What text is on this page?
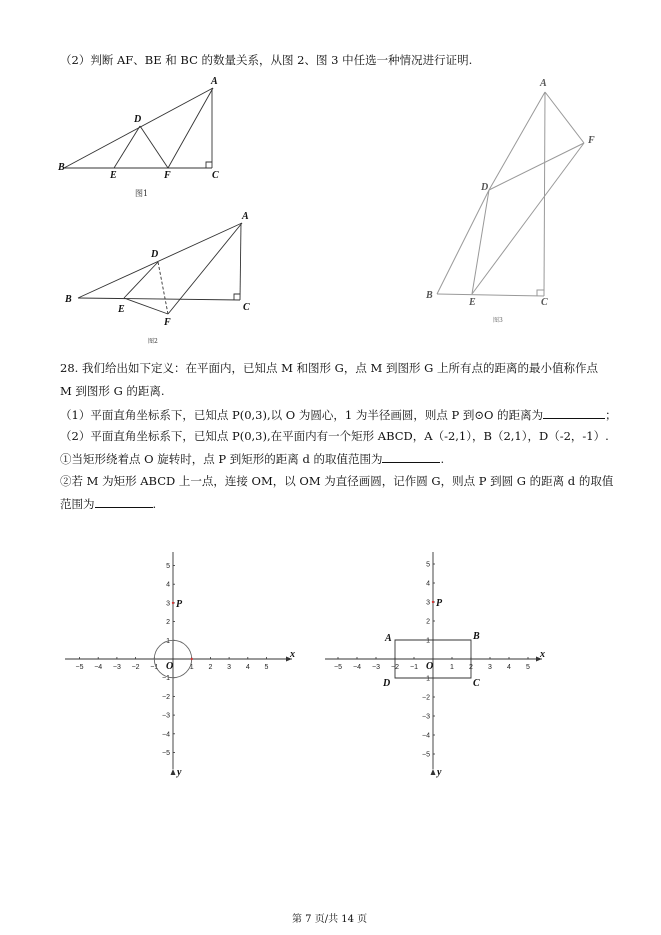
（2）判断 AF、BE 和 BC 的数量关系，从图 2、图 3 中任选一种情况进行证明.
A
D
B
E	F	C
图1
A
D
B
E
F
C
图2
A
F
D
B
E	C
图3
28. 我们给出如下定义：在平面内，已知点 M 和图形 G，点 M 到图形 G 上所有点的距离的最小值称作点
M 到图形 G 的距离.
（1）平面直角坐标系下，已知点 P(0,3),以 O 为圆心，1 为半径画圆，则点 P 到⊙O 的距离为	；
（2）平面直角坐标系下，已知点 P(0,3),在平面内有一个矩形 ABCD，A（-2,1），B（2,1），D（-2，-1）.
①当矩形绕着点 O 旋转时，点 P 到矩形的距离 d 的取值范围为	.
②若 M 为矩形 ABCD 上一点，连接 OM，以 OM 为直径画圆，记作圆 G，则点 P 到圆 G 的距离 d 的取值
范围为	.
−5 −4 −3 −2 −1	1 2 3 4 5
5
4
3
2
1
−1
−2
−3
−4
−5
x
y
O
P
−5 −4 −3 −2 −1	1 2 3 4 5
5
4
3
2
1
−1
−2
−3
−4
−5
x
y
O
P
A	B
C
D
第 7 页/共 14 页
